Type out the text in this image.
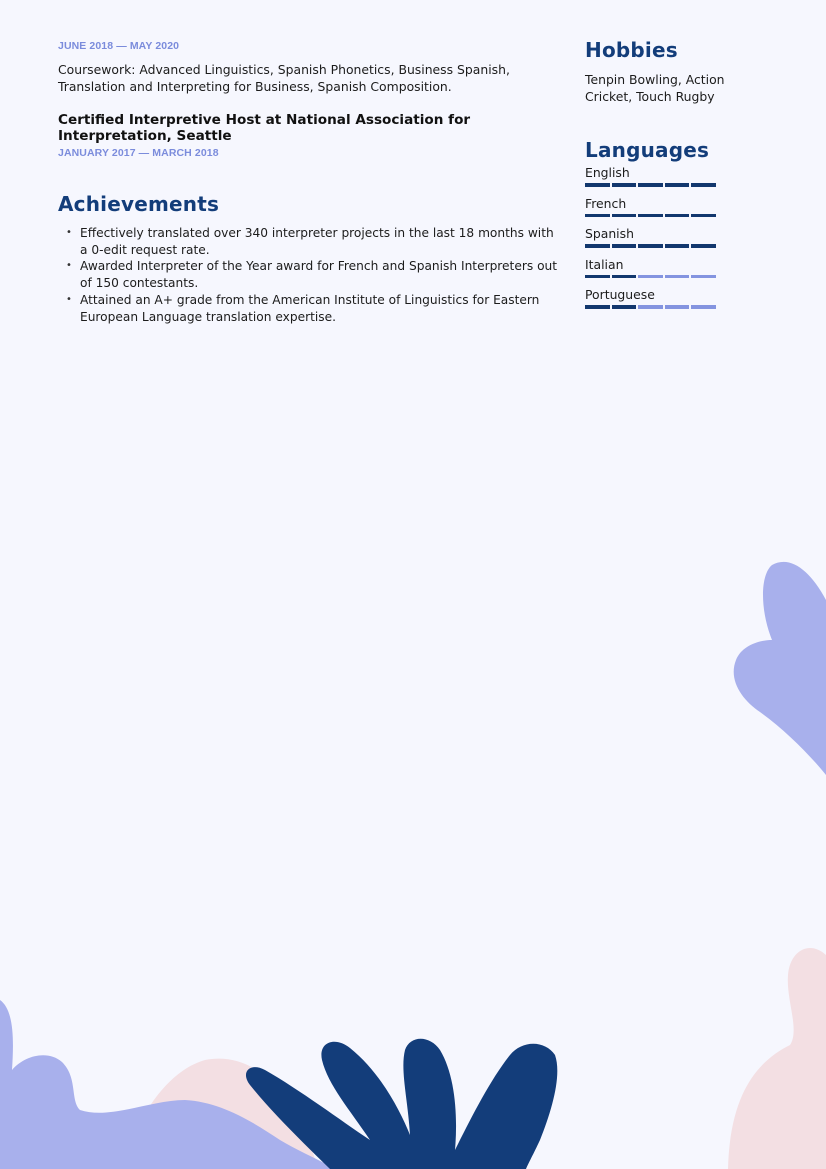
JUNE 2018 — MAY 2020
Coursework: Advanced Linguistics, Spanish Phonetics, Business Spanish, Translation and Interpreting for Business, Spanish Composition.
Certified Interpretive Host at National Association for Interpretation, Seattle
JANUARY 2017 — MARCH 2018
Achievements
• Effectively translated over 340 interpreter projects in the last 18 months with a 0-edit request rate.
• Awarded Interpreter of the Year award for French and Spanish Interpreters out of 150 contestants.
• Attained an A+ grade from the American Institute of Linguistics for Eastern European Language translation expertise.
Hobbies
Tenpin Bowling, Action Cricket, Touch Rugby
Languages
English
French
Spanish
Italian
Portuguese
